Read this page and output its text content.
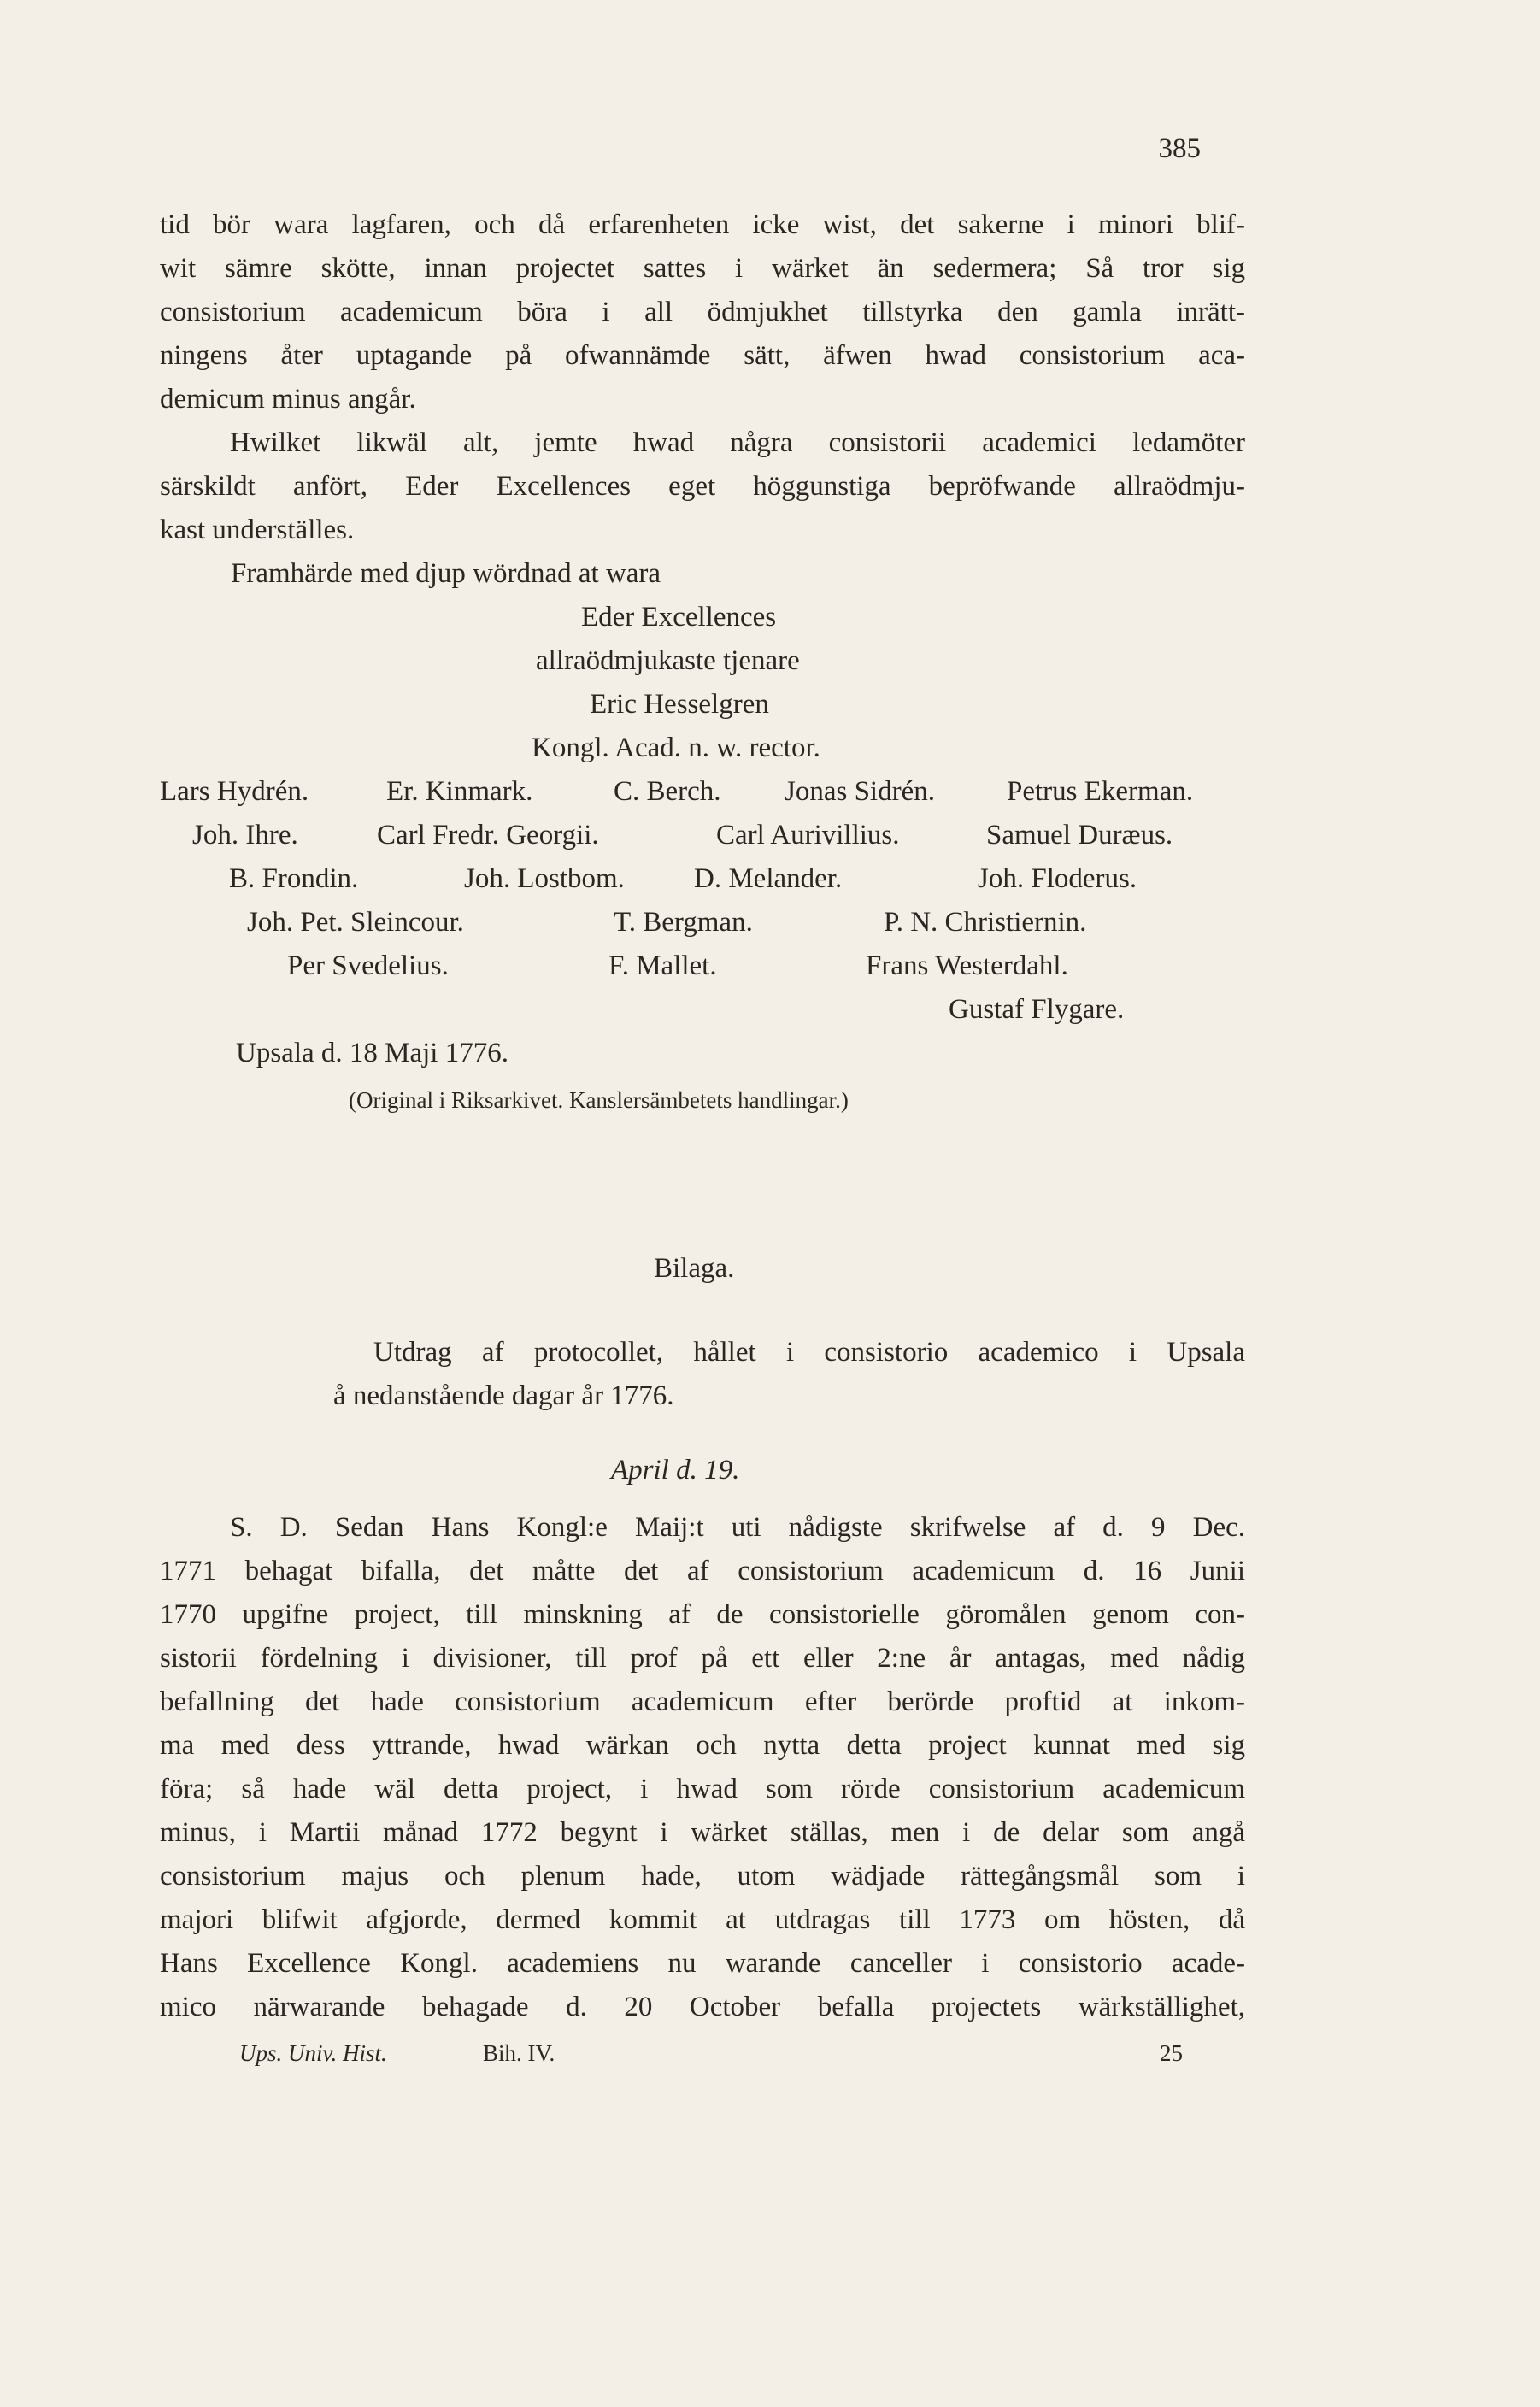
385
tid bör wara lagfaren, och då erfarenheten icke wist, det sakerne i minori blif-
wit sämre skötte, innan projectet sattes i wärket än sedermera; Så tror sig
consistorium academicum böra i all ödmjukhet tillstyrka den gamla inrätt-
ningens åter uptagande på ofwannämde sätt, äfwen hwad consistorium aca-
demicum minus angår.
Hwilket likwäl alt, jemte hwad några consistorii academici ledamöter
särskildt anfört, Eder Excellences eget höggunstiga bepröfwande allraödmju-
kast underställes.
Framhärde med djup wördnad at wara
Eder Excellences
allraödmjukaste tjenare
Eric Hesselgren
Kongl. Acad. n. w. rector.
Lars Hydrén.	Er. Kinmark.	C. Berch. Jonas Sidrén.	Petrus Ekerman.
Joh. Ihre.	Carl Fredr. Georgii.	Carl Aurivillius.	Samuel Duræus.
B. Frondin.	Joh. Lostbom. D. Melander.	Joh. Floderus.
Joh. Pet. Sleincour.	T. Bergman.	P. N. Christiernin.
Per Svedelius.	F. Mallet.	Frans Westerdahl.
Gustaf Flygare.
Upsala d. 18 Maji 1776.
(Original i Riksarkivet. Kanslersämbetets handlingar.)
Bilaga.
Utdrag af protocollet, hållet i consistorio academico i Upsala
å nedanstående dagar år 1776.
April d. 19.
S. D. Sedan Hans Kongl:e Maij:t uti nådigste skrifwelse af d. 9 Dec.
1771 behagat bifalla, det måtte det af consistorium academicum d. 16 Junii
1770 upgifne project, till minskning af de consistorielle göromålen genom con-
sistorii fördelning i divisioner, till prof på ett eller 2:ne år antagas, med nådig
befallning det hade consistorium academicum efter berörde proftid at inkom-
ma med dess yttrande, hwad wärkan och nytta detta project kunnat med sig
föra; så hade wäl detta project, i hwad som rörde consistorium academicum
minus, i Martii månad 1772 begynt i wärket ställas, men i de delar som angå
consistorium majus och plenum hade, utom wädjade rättegångsmål som i
majori blifwit afgjorde, dermed kommit at utdragas till 1773 om hösten, då
Hans Excellence Kongl. academiens nu warande canceller i consistorio acade-
mico närwarande behagade d. 20 October befalla projectets wärkställighet,
Ups. Univ. Hist.	Bih. IV.	25
